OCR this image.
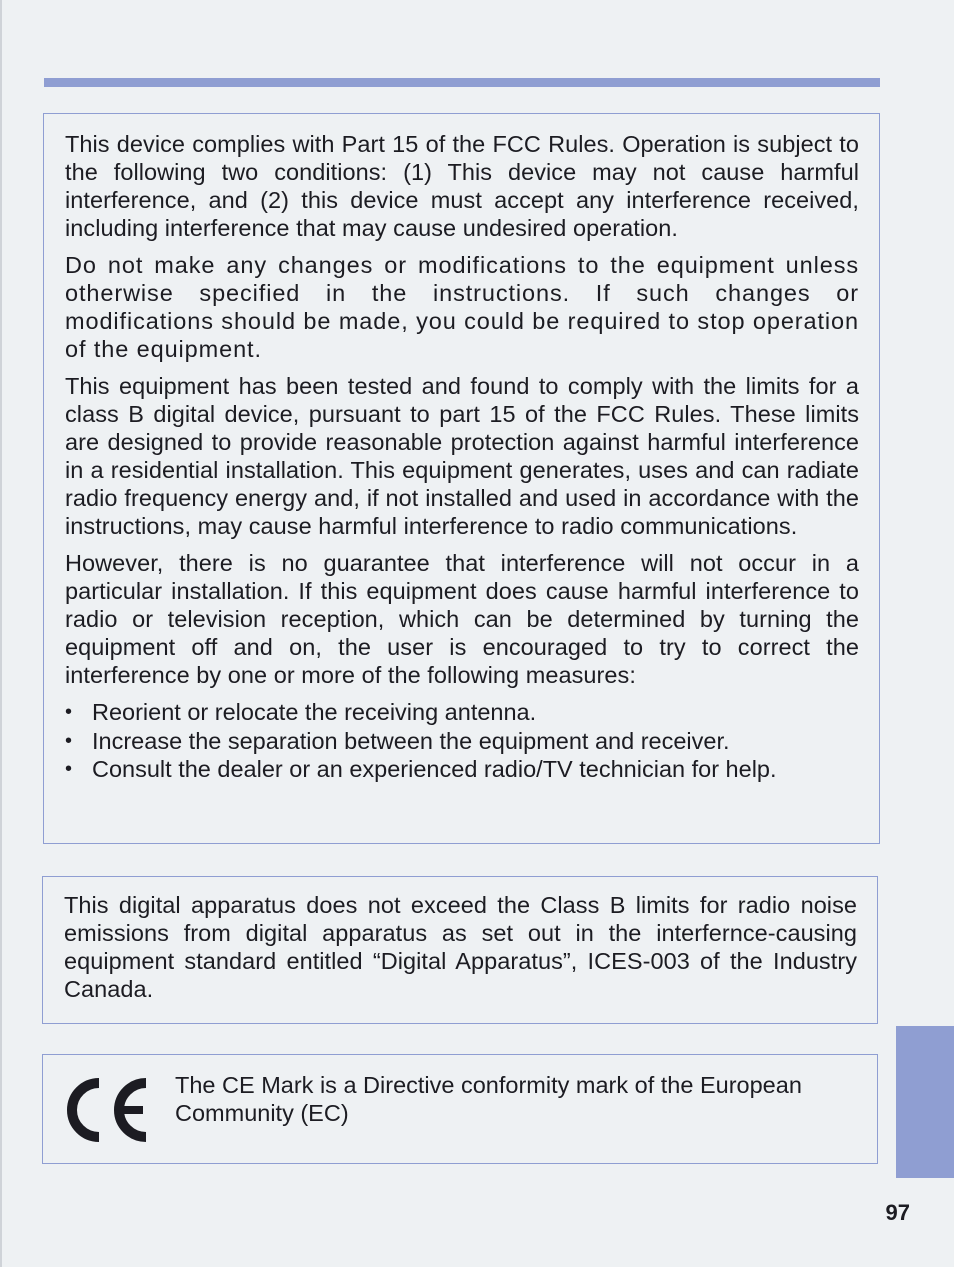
This device complies with Part 15 of the FCC Rules. Operation is subject to the following two conditions: (1) This device may not cause harmful interference, and (2) this device must accept any interference received, including interference that may cause undesired operation.

Do not make any changes or modifications to the equipment unless otherwise specified in the instructions. If such changes or modifications should be made, you could be required to stop operation of the equipment.

This equipment has been tested and found to comply with the limits for a class B digital device, pursuant to part 15 of the FCC Rules. These limits are designed to provide reasonable protection against harmful interference in a residential installation. This equipment generates, uses and can radiate radio frequency energy and, if not installed and used in accordance with the instructions, may cause harmful interference to radio communications.

However, there is no guarantee that interference will not occur in a particular installation. If this equipment does cause harmful interference to radio or television reception, which can be determined by turning the equipment off and on, the user is encouraged to try to correct the interference by one or more of the following measures:

• Reorient or relocate the receiving antenna.
• Increase the separation between the equipment and receiver.
• Consult the dealer or an experienced radio/TV technician for help.

This digital apparatus does not exceed the Class B limits for radio noise emissions from digital apparatus as set out in the interfernce-causing equipment standard entitled “Digital Apparatus”, ICES-003 of the Industry Canada.

The CE Mark is a Directive conformity mark of the European Community (EC)

97
